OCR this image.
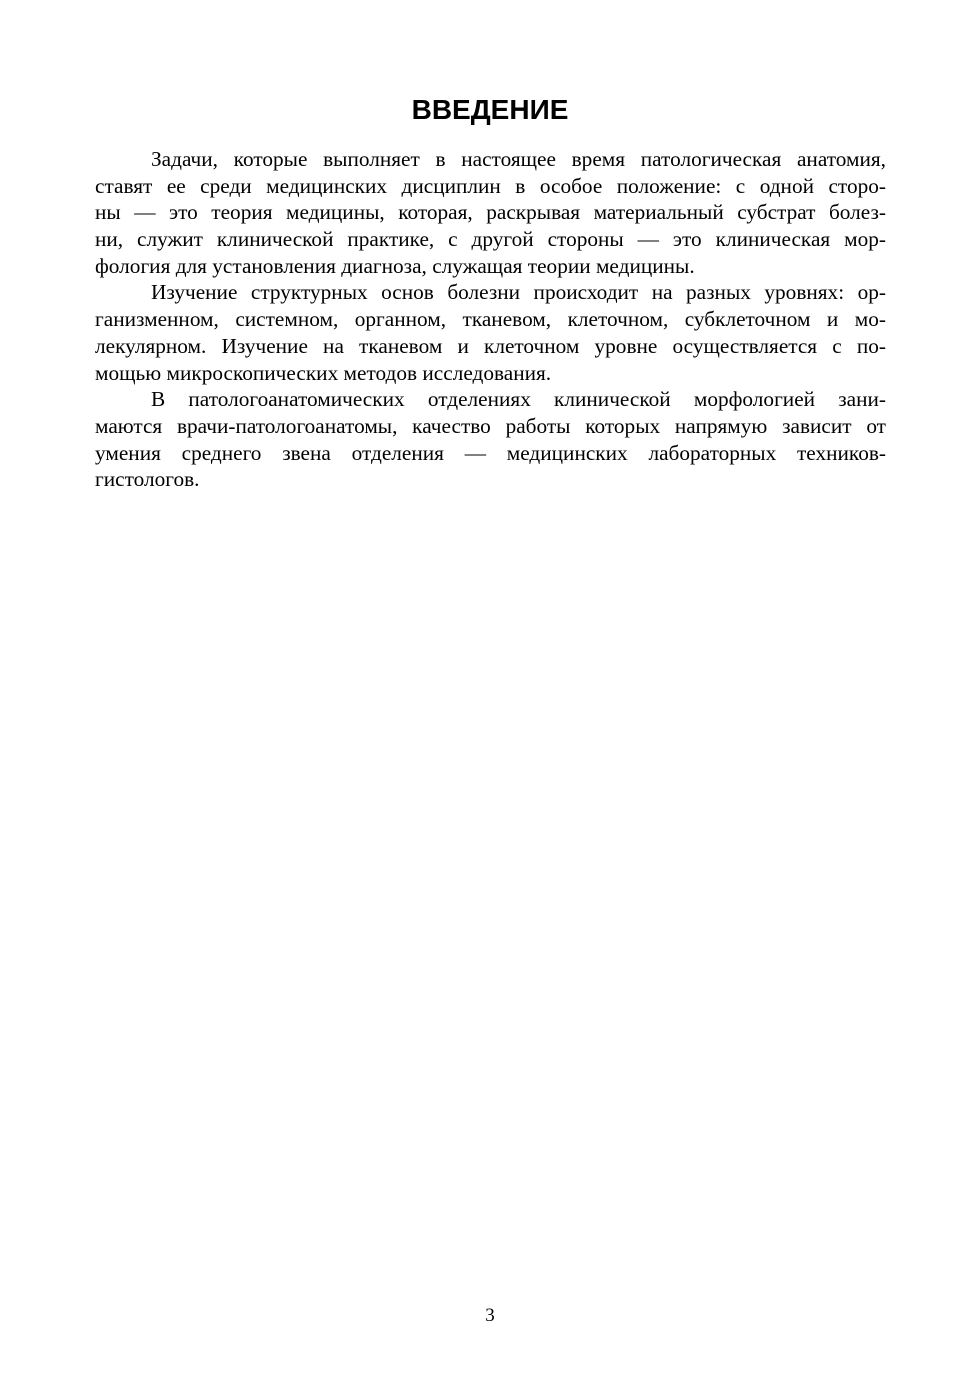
ВВЕДЕНИЕ
Задачи, которые выполняет в настоящее время патологическая анатомия,
ставят ее среди медицинских дисциплин в особое положение: с одной сторо-
ны — это теория медицины, которая, раскрывая материальный субстрат болез-
ни, служит клинической практике, с другой стороны — это клиническая мор-
фология для установления диагноза, служащая теории медицины.
Изучение структурных основ болезни происходит на разных уровнях: ор-
ганизменном, системном, органном, тканевом, клеточном, субклеточном и мо-
лекулярном. Изучение на тканевом и клеточном уровне осуществляется с по-
мощью микроскопических методов исследования.
В патологоанатомических отделениях клинической морфологией зани-
маются врачи-патологоанатомы, качество работы которых напрямую зависит от
умения среднего звена отделения — медицинских лабораторных техников-
гистологов.
3
